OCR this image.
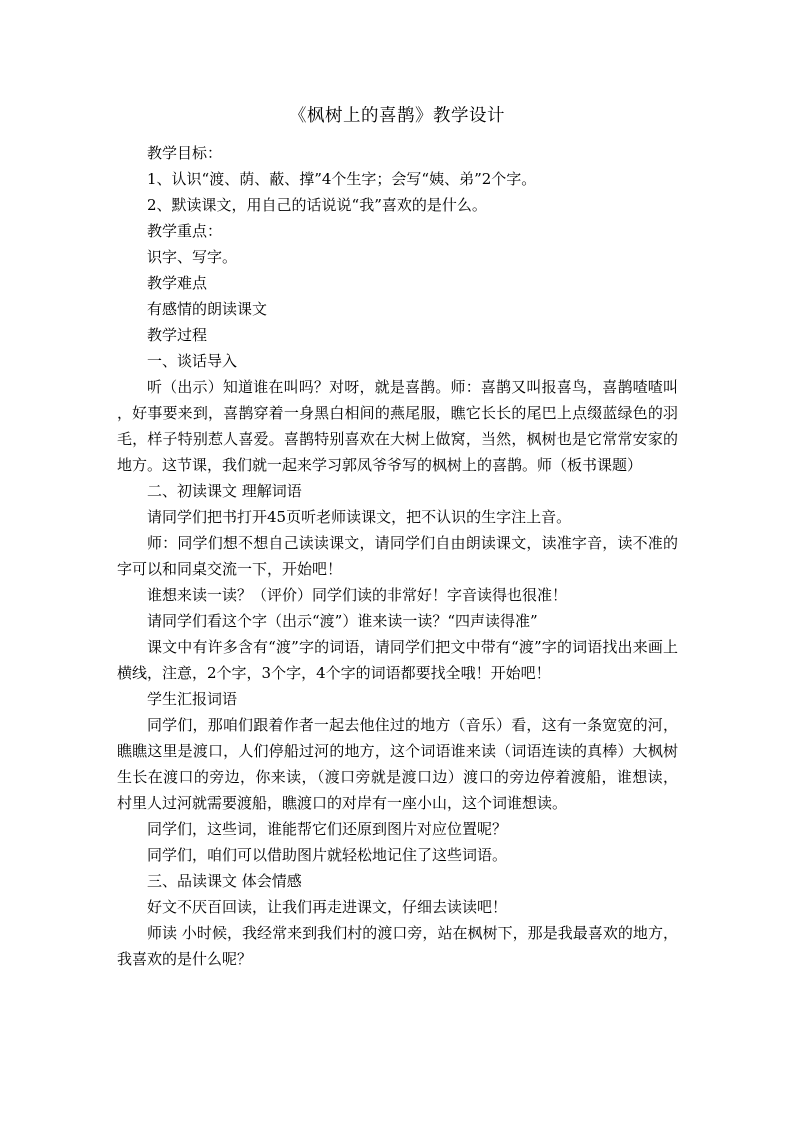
《枫树上的喜鹊》教学设计

教学目标：

1、认识“渡、荫、蔽、撑”4个生字；会写“姨、弟”2个字。

2、默读课文，用自己的话说说“我”喜欢的是什么。

教学重点：

识字、写字。

教学难点

有感情的朗读课文

教学过程

一、谈话导入

听（出示）知道谁在叫吗？对呀，就是喜鹊。师：喜鹊又叫报喜鸟，喜鹊喳喳叫，好事要来到，喜鹊穿着一身黑白相间的燕尾服，瞧它长长的尾巴上点缀蓝绿色的羽毛，样子特别惹人喜爱。喜鹊特别喜欢在大树上做窝，当然，枫树也是它常常安家的地方。这节课，我们就一起来学习郭凤爷爷写的枫树上的喜鹊。师（板书课题）

二、初读课文 理解词语

请同学们把书打开45页听老师读课文，把不认识的生字注上音。

师：同学们想不想自己读读课文，请同学们自由朗读课文，读准字音，读不准的字可以和同桌交流一下，开始吧！

谁想来读一读？（评价）同学们读的非常好！字音读得也很准！

请同学们看这个字（出示“渡”）谁来读一读？“四声读得准”

课文中有许多含有“渡”字的词语，请同学们把文中带有“渡”字的词语找出来画上横线，注意，2个字，3个字，4个字的词语都要找全哦！开始吧！

学生汇报词语

同学们，那咱们跟着作者一起去他住过的地方（音乐）看，这有一条宽宽的河，瞧瞧这里是渡口，人们停船过河的地方，这个词语谁来读（词语连读的真棒）大枫树生长在渡口的旁边，你来读，（渡口旁就是渡口边）渡口的旁边停着渡船，谁想读，村里人过河就需要渡船，瞧渡口的对岸有一座小山，这个词谁想读。

同学们，这些词，谁能帮它们还原到图片对应位置呢？

同学们，咱们可以借助图片就轻松地记住了这些词语。

三、品读课文 体会情感

好文不厌百回读，让我们再走进课文，仔细去读读吧！

师读 小时候，我经常来到我们村的渡口旁，站在枫树下，那是我最喜欢的地方，我喜欢的是什么呢？
